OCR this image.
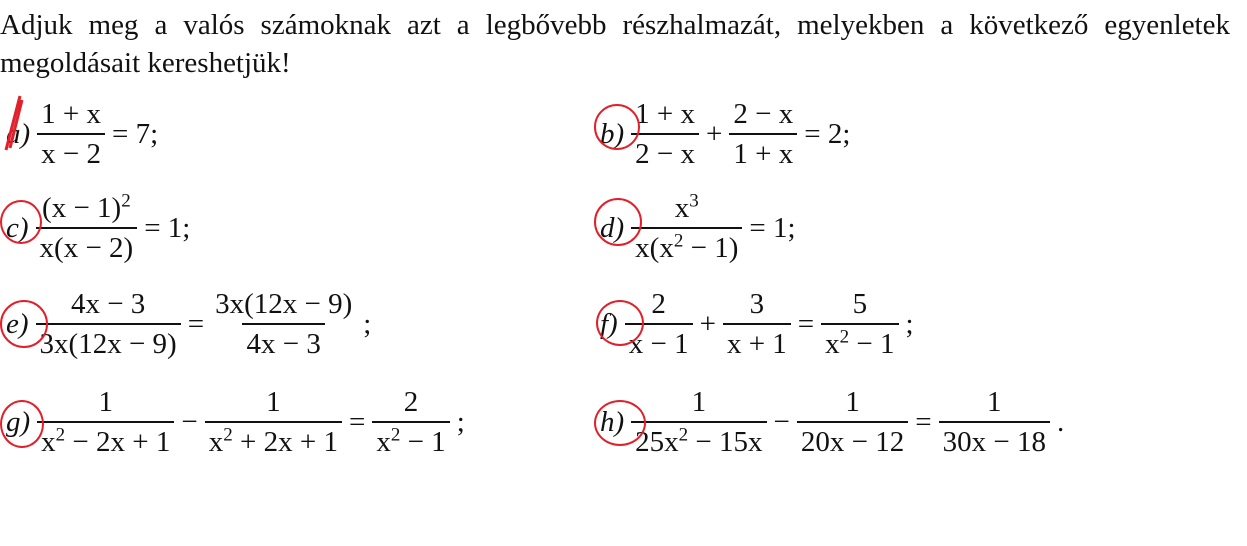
Adjuk meg a valós számoknak azt a legbővebb részhalmazát, melyekben a következő egyenletek megoldásait kereshetjük!

$a) \frac{1 + x}{x - 2} = 7$;	$b) \frac{1 + x}{2 - x} + \frac{2 - x}{1 + x} = 2$;
$c) \frac{(x - 1)^2}{x(x - 2)} = 1$;	$d) \frac{x^3}{x(x^2 - 1)} = 1$;
$e) \frac{4x - 3}{3x(12x - 9)} = \frac{3x(12x - 9)}{4x - 3}$ ;	$f) \frac{2}{x - 1} + \frac{3}{x + 1} = \frac{5}{x^2 - 1}$ ;
$g) \frac{1}{x^2 - 2x + 1} - \frac{1}{x^2 + 2x + 1} = \frac{2}{x^2 - 1}$ ;	$h) \frac{1}{25x^2 - 15x} - \frac{1}{20x - 12} = \frac{1}{30x - 18}$ .
